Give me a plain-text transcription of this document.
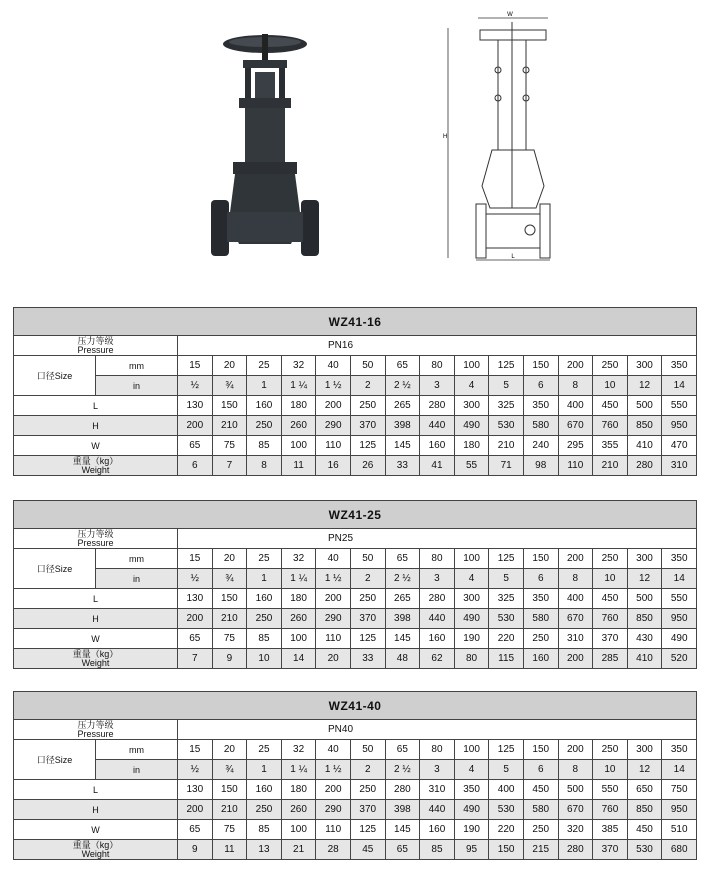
W
H
L
WZ41-16																

压力等级
Pressure		PN16														
口径Size	mm	15	20	25	32	40	50	65	80	100	125	150	200	250	300	350
	in	½	¾	1	1 ¼	1 ½	2	2 ½	3	4	5	6	8	10	12	14
L		130	150	160	180	200	250	265	280	300	325	350	400	450	500	550
H		200	210	250	260	290	370	398	440	490	530	580	670	760	850	950
W		65	75	85	100	110	125	145	160	180	210	240	295	355	410	470

重量（kg）
Weight		6	7	8	11	16	26	33	41	55	71	98	110	210	280	310
WZ41-25																

压力等级
Pressure		PN25														
口径Size	mm	15	20	25	32	40	50	65	80	100	125	150	200	250	300	350
	in	½	¾	1	1 ¼	1 ½	2	2 ½	3	4	5	6	8	10	12	14
L		130	150	160	180	200	250	265	280	300	325	350	400	450	500	550
H		200	210	250	260	290	370	398	440	490	530	580	670	760	850	950
W		65	75	85	100	110	125	145	160	190	220	250	310	370	430	490

重量（kg）
Weight		7	9	10	14	20	33	48	62	80	115	160	200	285	410	520
WZ41-40																

压力等级
Pressure		PN40														
口径Size	mm	15	20	25	32	40	50	65	80	100	125	150	200	250	300	350
	in	½	¾	1	1 ¼	1 ½	2	2 ½	3	4	5	6	8	10	12	14
L		130	150	160	180	200	250	280	310	350	400	450	500	550	650	750
H		200	210	250	260	290	370	398	440	490	530	580	670	760	850	950
W		65	75	85	100	110	125	145	160	190	220	250	320	385	450	510

重量（kg）
Weight		9	11	13	21	28	45	65	85	95	150	215	280	370	530	680
